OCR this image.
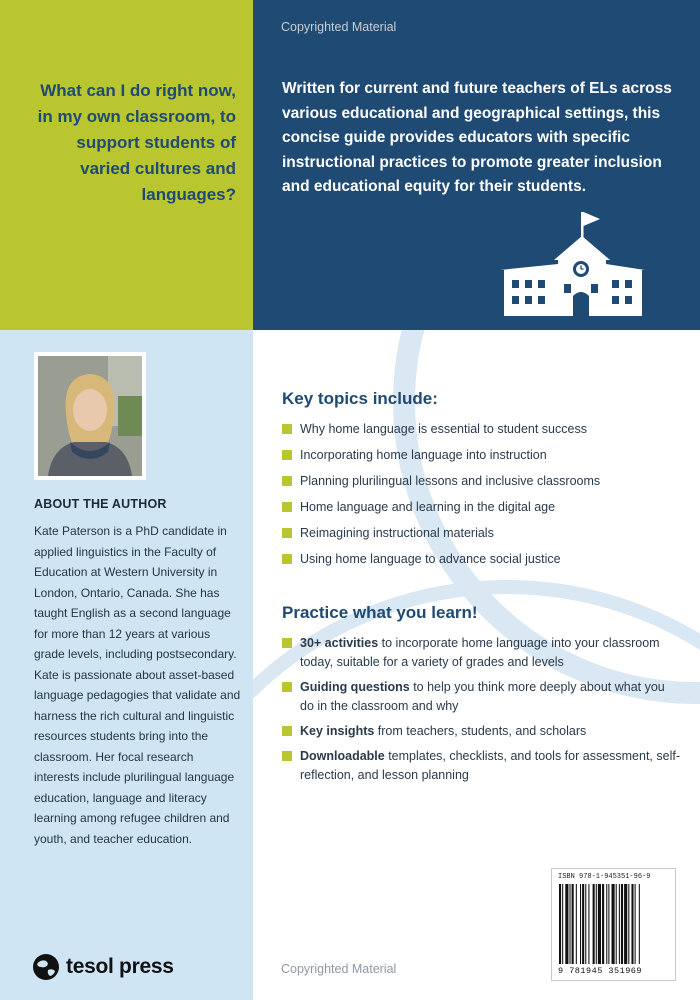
Copyrighted Material
Copyrighted Material
What can I do right now, in my own classroom, to support students of varied cultures and languages?
Written for current and future teachers of ELs across various educational and geographical settings, this concise guide provides educators with specific instructional practices to promote greater inclusion and educational equity for their students.
ABOUT THE AUTHOR
Kate Paterson is a PhD candidate in applied linguistics in the Faculty of Education at Western University in London, Ontario, Canada. She has taught English as a second language for more than 12 years at various grade levels, including postsecondary. Kate is passionate about asset-based language pedagogies that validate and harness the rich cultural and linguistic resources students bring into the classroom. Her focal research interests include plurilingual language education, language and literacy learning among refugee children and youth, and teacher education.
tesol press
Key topics include:
Why home language is essential to student success
Incorporating home language into instruction
Planning plurilingual lessons and inclusive classrooms
Home language and learning in the digital age
Reimagining instructional materials
Using home language to advance social justice
Practice what you learn!
30+ activities to incorporate home language into your classroom today, suitable for a variety of grades and levels
Guiding questions to help you think more deeply about what you do in the classroom and why
Key insights from teachers, students, and scholars
Downloadable templates, checklists, and tools for assessment, self-reflection, and lesson planning
ISBN 978-1-945351-96-9
9 781945 351969
